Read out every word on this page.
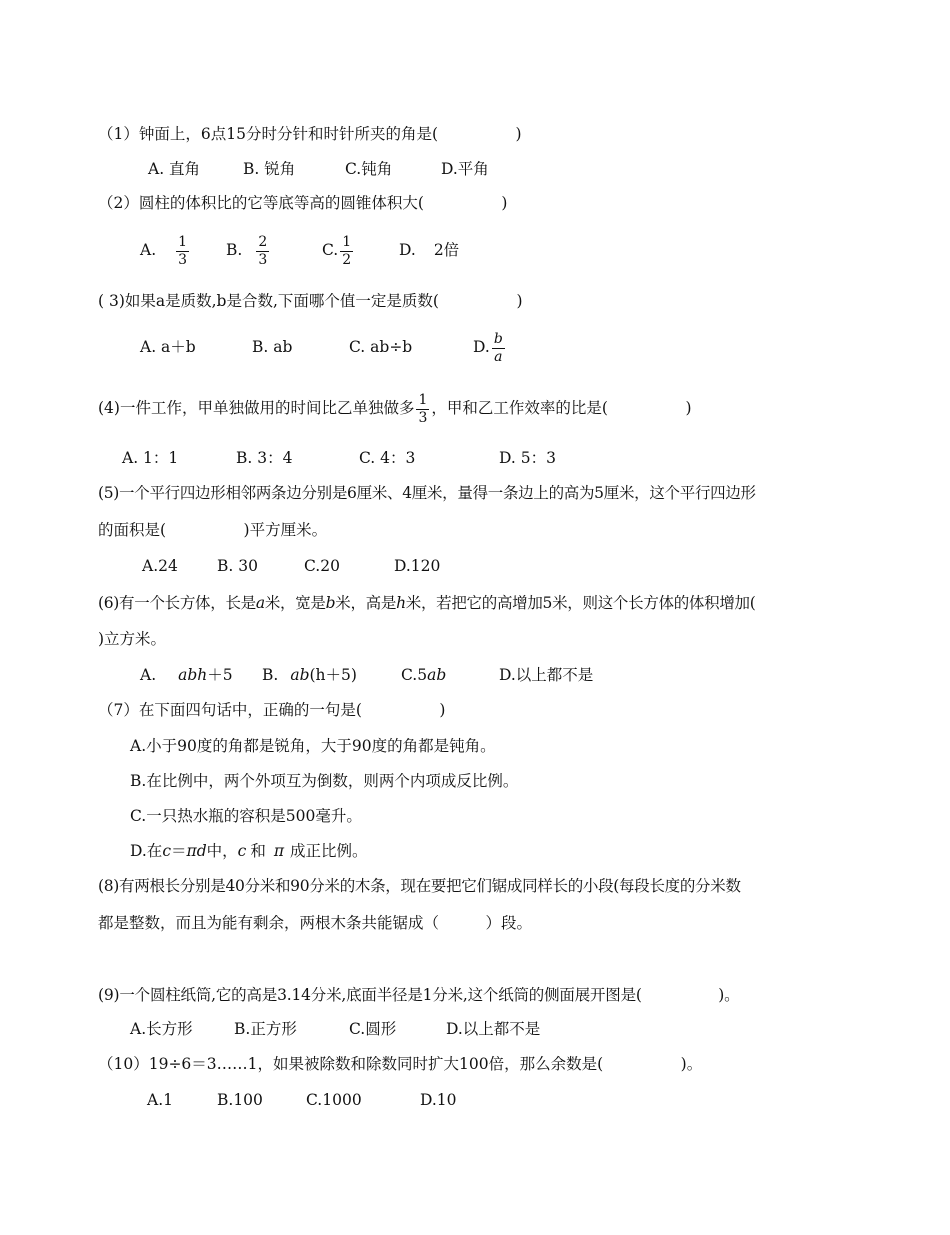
（1）钟面上，6点15分时分针和时针所夹的角是(　　　　　)
A. 直角	B. 锐角	C.钝角	D.平角
（2）圆柱的体积比的它等底等高的圆锥体积大(　　　　　)
A. $\frac{1}{3} B$. $\frac{2}{3}$	C. $\frac{1}{2}$	D. 2倍
( 3)如果a是质数,b是合数,下面哪个值一定是质数(　　　　　)
A. a＋b	B. ab	C. ab÷b	D. $\frac{b}{a}$
(4)一件工作，甲单独做用的时间比乙单独做多 $\frac{1}{3}$ ，甲和乙工作效率的比是(　　　　　)
A. 1：1	B. 3：4	C. 4：3	D. 5：3
(5)一个平行四边形相邻两条边分别是6厘米、4厘米，量得一条边上的高为5厘米，这个平行四边形
的面积是(　　　　　)平方厘米。
A.24	B. 30	C.20	D.120
(6)有一个长方体，长是a米，宽是b米，高是h米，若把它的高增加5米，则这个长方体的体积增加(
)立方米。
A. abh＋5 B. ab(h＋5)	C.5ab	D.以上都不是
（7）在下面四句话中，正确的一句是(　　　　　)
A.小于90度的角都是锐角，大于90度的角都是钝角。
B.在比例中，两个外项互为倒数，则两个内项成反比例。
C.一只热水瓶的容积是500毫升。
D.在c＝πd中，c 和 π 成正比例。
(8)有两根长分别是40分米和90分米的木条，现在要把它们锯成同样长的小段(每段长度的分米数
都是整数，而且为能有剩余，两根木条共能锯成（　　　）段。
(9)一个圆柱纸筒,它的高是3.14分米,底面半径是1分米,这个纸筒的侧面展开图是(　　　　　)。
A.长方形	B.正方形	C.圆形	D.以上都不是
（10）19÷6＝3……1，如果被除数和除数同时扩大100倍，那么余数是(　　　　　)。
A.1	B.100	C.1000	D.10
